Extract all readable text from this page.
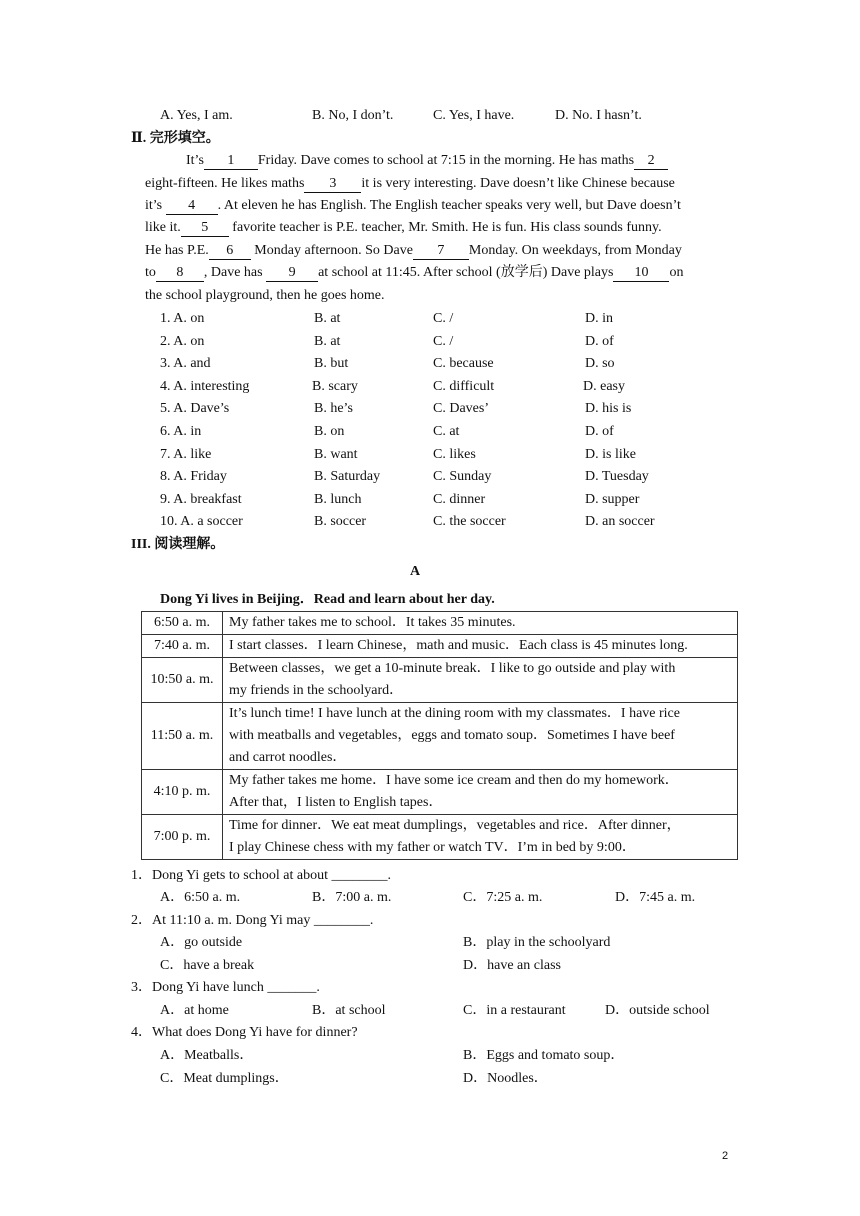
A. Yes, I am.	B. No, I don’t.	C. Yes, I have.	D. No. I hasn’t.
Ⅱ. 完形填空。
It’s 1 Friday. Dave comes to school at 7:15 in the morning. He has maths 2
eight-fifteen. He likes maths 3 it is very interesting. Dave doesn’t like Chinese because
it’s 4 . At eleven he has English. The English teacher speaks very well, but Dave doesn’t
like it. 5 favorite teacher is P.E. teacher, Mr. Smith. He is fun. His class sounds funny.
He has P.E. 6 Monday afternoon. So Dave 7 Monday. On weekdays, from Monday
to 8 , Dave has 9 at school at 11:45. After school (放学后) Dave plays 10 on
the school playground, then he goes home.
1. A. on	B. at	C. /	D. in
2. A. on	B. at	C. /	D. of
3. A. and	B. but	C. because	D. so
4. A. interesting	B. scary	C. difficult	D. easy
5. A. Dave’s	B. he’s	C. Daves’	D. his is
6. A. in	B. on	C. at	D. of
7. A. like	B. want	C. likes	D. is like
8. A. Friday	B. Saturday	C. Sunday	D. Tuesday
9. A. breakfast	B. lunch	C. dinner	D. supper
10. A. a soccer	B. soccer	C. the soccer	D. an soccer
III. 阅读理解。
A
Dong Yi lives in Beijing．Read and learn about her day.
6:50 a. m.	My father takes me to school．It takes 35 minutes.

7:40 a. m.	I start classes．I learn Chinese，math and music．Each class is 45 minutes long.

10:50 a. m.	Between classes，we get a 10-minute break．I like to go outside and play with
my friends in the schoolyard．

11:50 a. m.	It’s lunch time! I have lunch at the dining room with my classmates．I have rice
with meatballs and vegetables，eggs and tomato soup．Sometimes I have beef
and carrot noodles．

4:10 p. m.	My father takes me home．I have some ice cream and then do my homework．
After that，I listen to English tapes．

7:00 p. m.	Time for dinner．We eat meat dumplings，vegetables and rice．After dinner，
I play Chinese chess with my father or watch TV．I’m in bed by 9:00．
1．Dong Yi gets to school at about ________.
A．6:50 a. m.	B．7:00 a. m.	C．7:25 a. m.	D．7:45 a. m.
2．At 11:10 a. m. Dong Yi may ________.
A．go outside	B．play in the schoolyard
C．have a break	D．have an class
3．Dong Yi have lunch _______.
A．at home	B．at school	C．in a restaurant	D．outside school
4．What does Dong Yi have for dinner?
A．Meatballs．	B．Eggs and tomato soup．
C．Meat dumplings．	D．Noodles．
2
